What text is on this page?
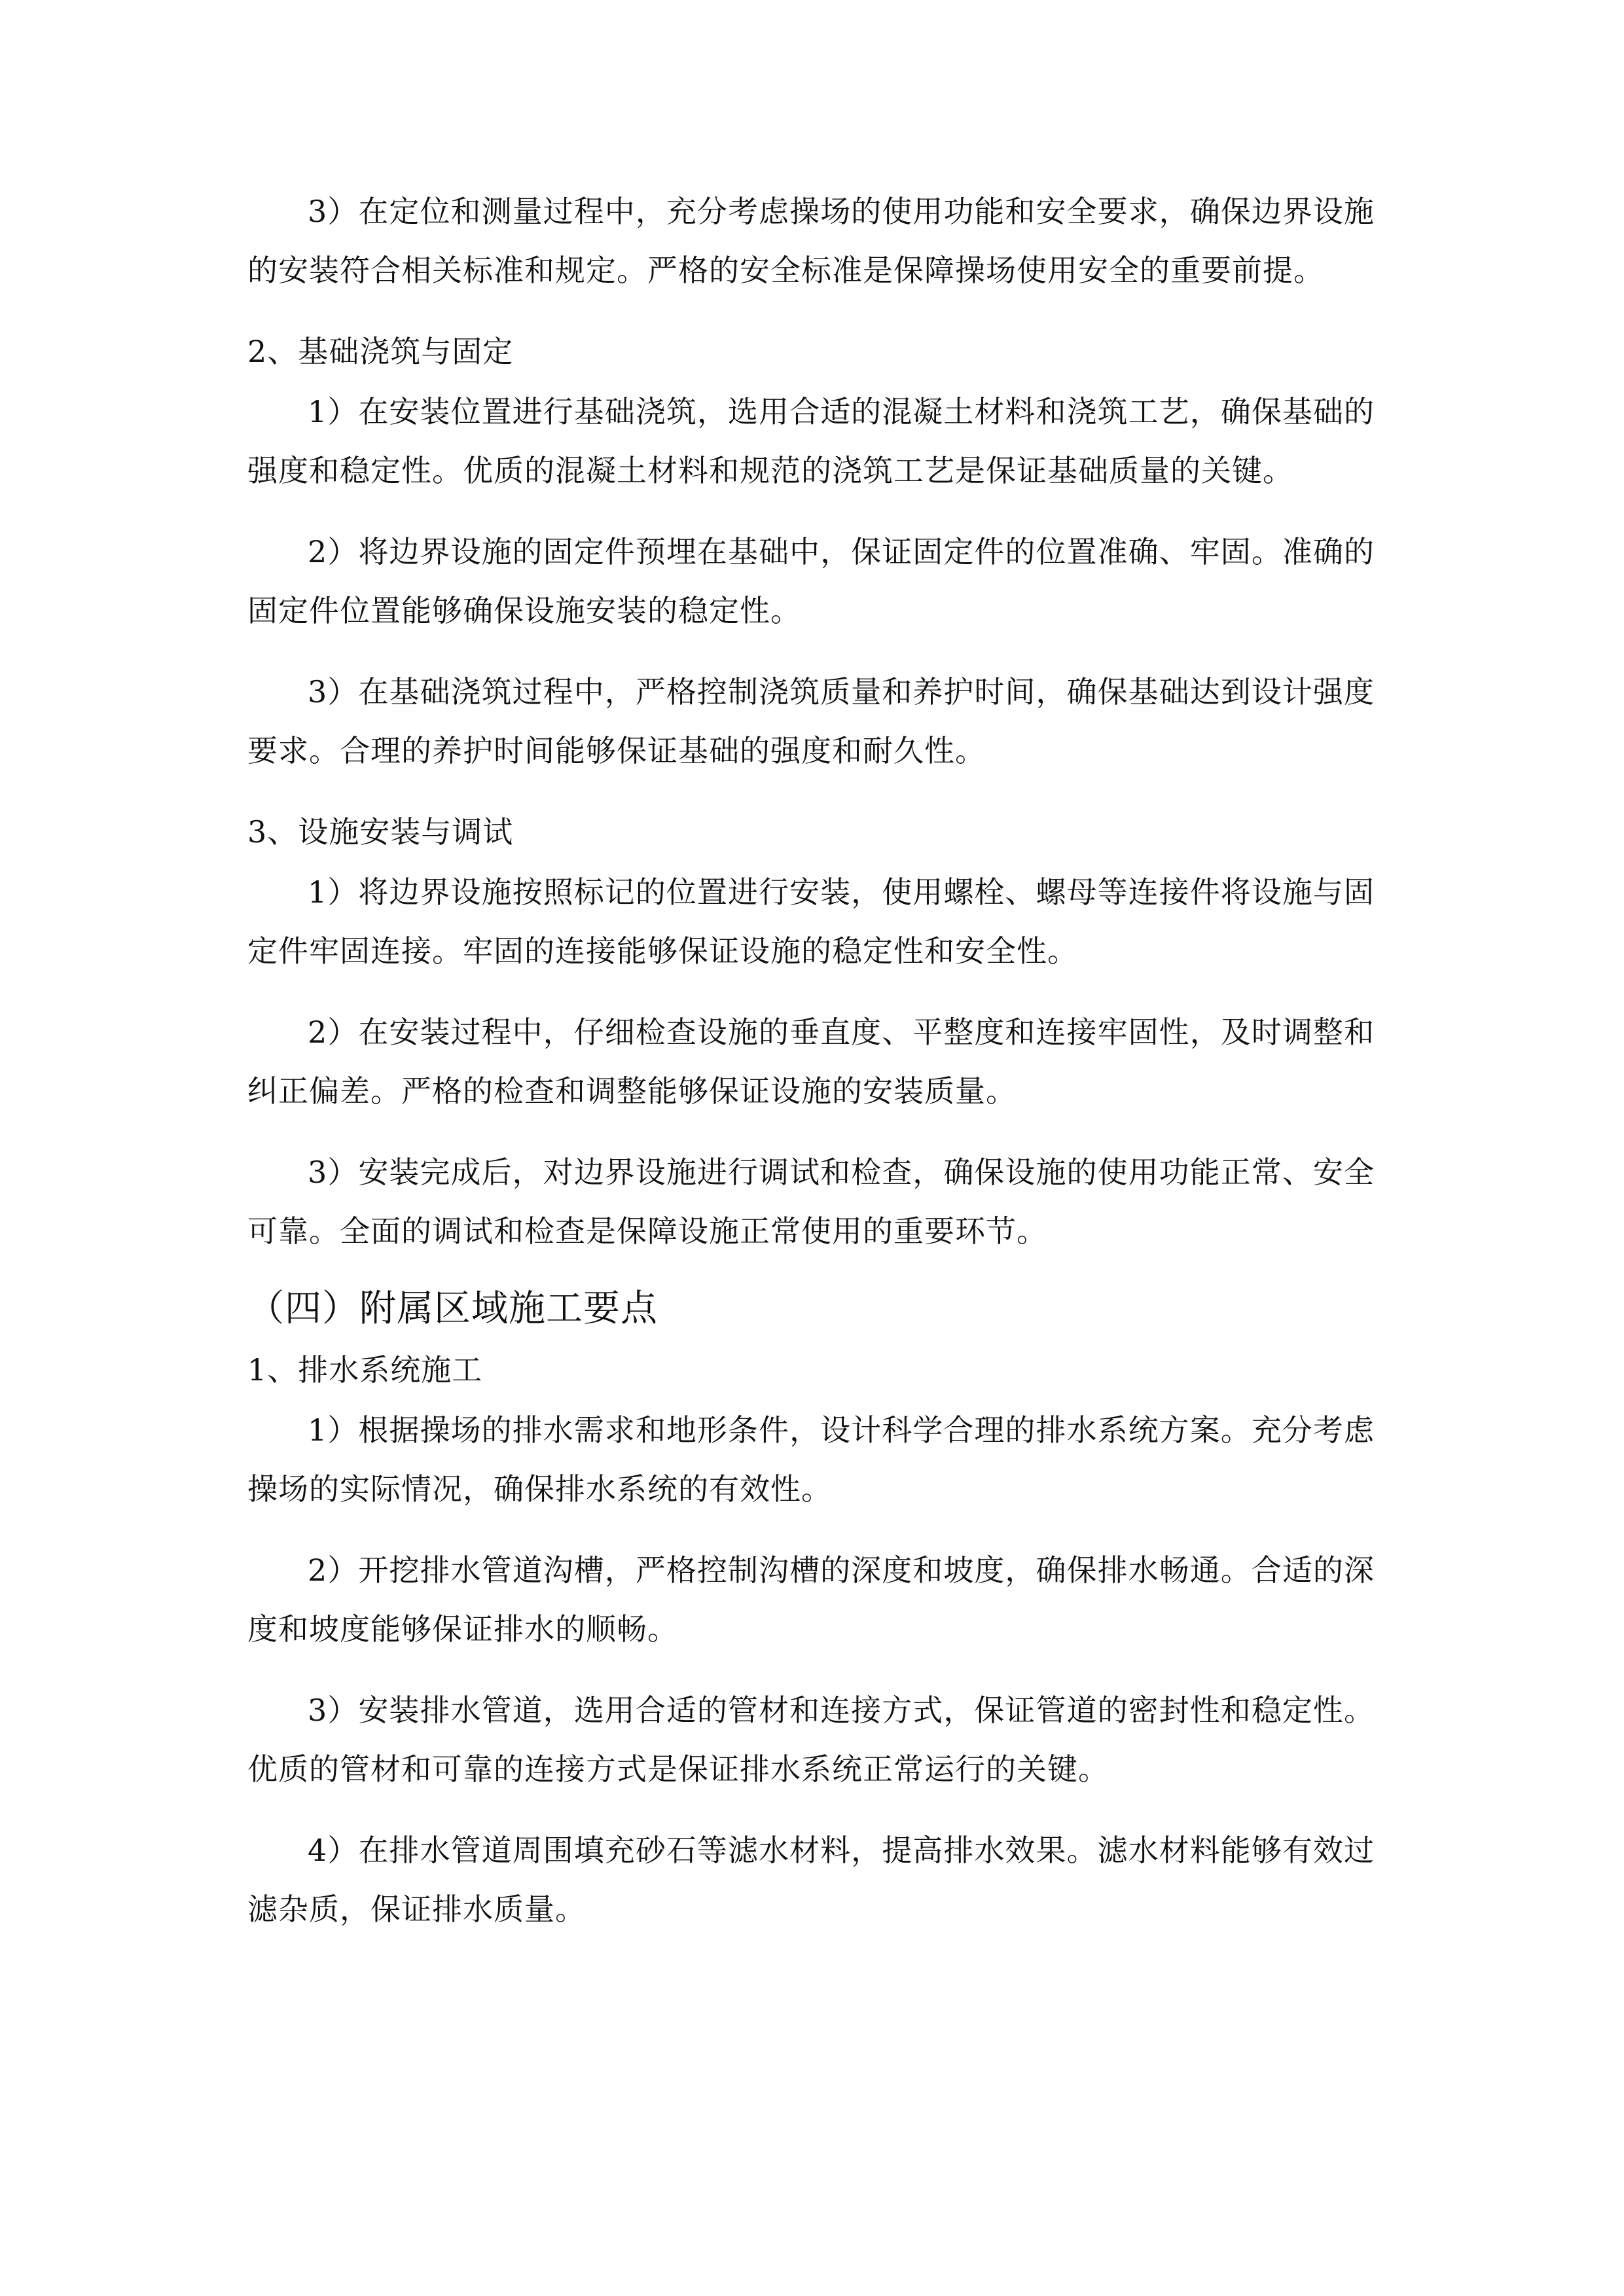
3）在定位和测量过程中，充分考虑操场的使用功能和安全要求，确保边界设施的安装符合相关标准和规定。严格的安全标准是保障操场使用安全的重要前提。

2、基础浇筑与固定

1）在安装位置进行基础浇筑，选用合适的混凝土材料和浇筑工艺，确保基础的强度和稳定性。优质的混凝土材料和规范的浇筑工艺是保证基础质量的关键。

2）将边界设施的固定件预埋在基础中，保证固定件的位置准确、牢固。准确的固定件位置能够确保设施安装的稳定性。

3）在基础浇筑过程中，严格控制浇筑质量和养护时间，确保基础达到设计强度要求。合理的养护时间能够保证基础的强度和耐久性。

3、设施安装与调试

1）将边界设施按照标记的位置进行安装，使用螺栓、螺母等连接件将设施与固定件牢固连接。牢固的连接能够保证设施的稳定性和安全性。

2）在安装过程中，仔细检查设施的垂直度、平整度和连接牢固性，及时调整和纠正偏差。严格的检查和调整能够保证设施的安装质量。

3）安装完成后，对边界设施进行调试和检查，确保设施的使用功能正常、安全可靠。全面的调试和检查是保障设施正常使用的重要环节。

（四）附属区域施工要点

1、排水系统施工

1）根据操场的排水需求和地形条件，设计科学合理的排水系统方案。充分考虑操场的实际情况，确保排水系统的有效性。

2）开挖排水管道沟槽，严格控制沟槽的深度和坡度，确保排水畅通。合适的深度和坡度能够保证排水的顺畅。

3）安装排水管道，选用合适的管材和连接方式，保证管道的密封性和稳定性。优质的管材和可靠的连接方式是保证排水系统正常运行的关键。

4）在排水管道周围填充砂石等滤水材料，提高排水效果。滤水材料能够有效过滤杂质，保证排水质量。
